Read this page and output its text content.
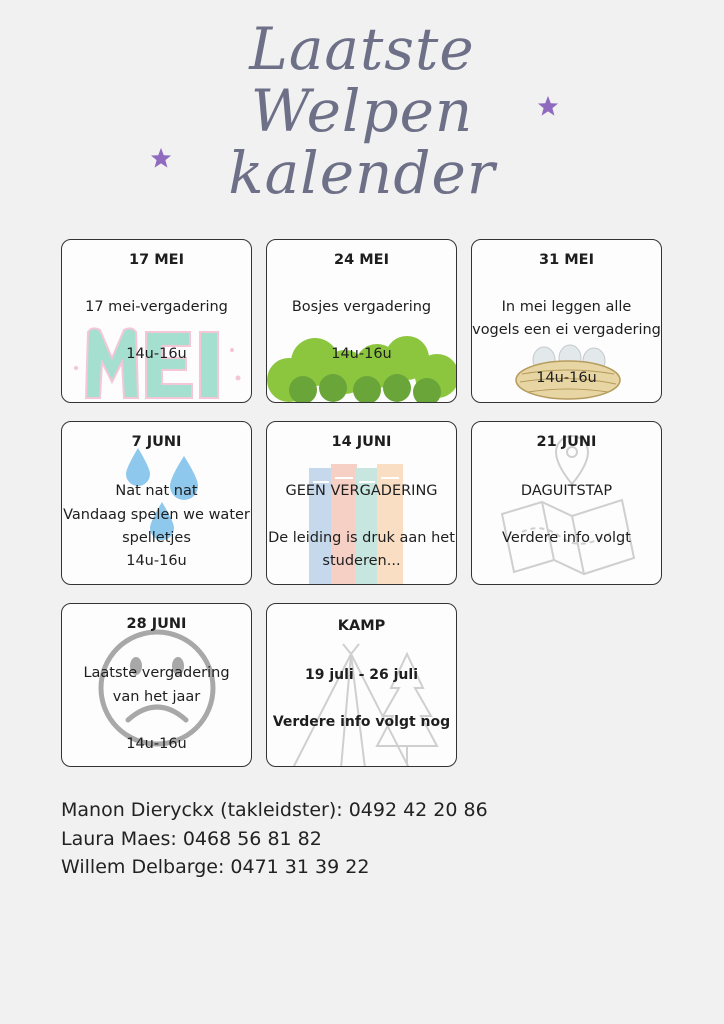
Laatste
Welpen
kalender
17 MEI
17 mei-vergadering
14u-16u
24 MEI
Bosjes vergadering
14u-16u
31 MEI
In mei leggen alle
vogels een ei vergadering
14u-16u
7 JUNI
Nat nat nat
Vandaag spelen we water
spelletjes
14u-16u
14 JUNI
GEEN VERGADERING
De leiding is druk aan het
studeren...
21 JUNI
DAGUITSTAP
Verdere info volgt
28 JUNI
Laatste vergadering
van het jaar
14u-16u
KAMP
19 juli - 26 juli
Verdere info volgt nog
Manon Dieryckx (takleidster): 0492 42 20 86
Laura Maes: 0468 56 81 82
Willem Delbarge: 0471 31 39 22
